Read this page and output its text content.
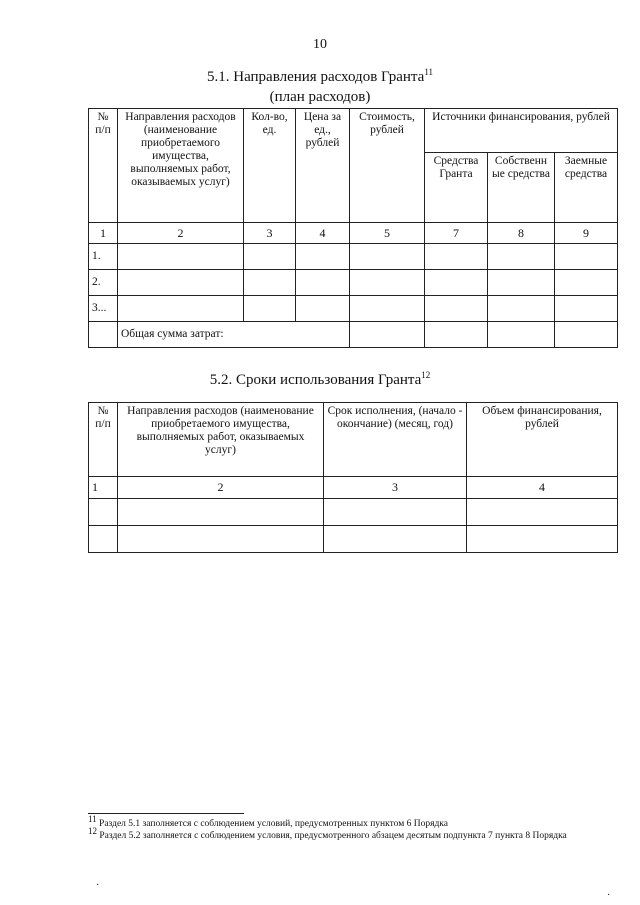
10
5.1. Направления расходов Гранта$^{11}$
(план расходов)
№ п/п	Направления расходов (наименование приобретаемого имущества, выполняемых работ, оказываемых услуг)	Кол-во, ед.	Цена за ед., рублей	Стоимость, рублей	Источники финансирования, рублей		
					Средства Гранта	Собственн ые средства	Заемные средства
1	2	3	4	5	7	8	9
1.							
2.							
3...							
	Общая сумма затрат:						
5.2. Сроки использования Гранта$^{12}$
№ п/п	Направления расходов (наименование приобретаемого имущества, выполняемых работ, оказываемых услуг)	Срок исполнения, (начало - окончание) (месяц, год)	Объем финансирования, рублей
1	2	3	4

$^{11}$ Раздел 5.1 заполняется с соблюдением условий, предусмотренных пунктом 6 Порядка

$^{12}$ Раздел 5.2 заполняется с соблюдением условия, предусмотренного абзацем десятым подпункта 7 пункта 8 Порядка

·
·
